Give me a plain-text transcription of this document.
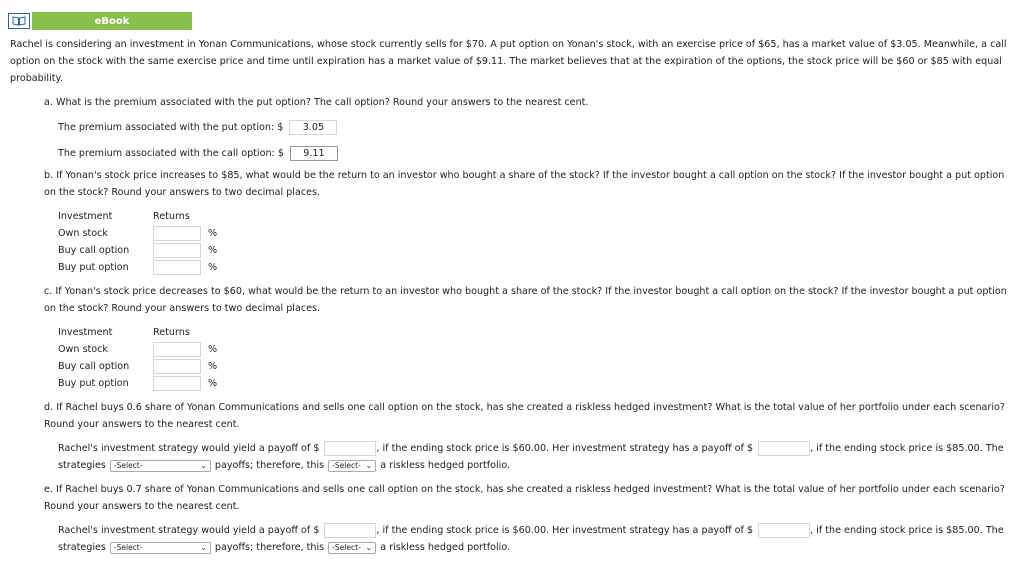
eBook
Rachel is considering an investment in Yonan Communications, whose stock currently sells for $70. A put option on Yonan's stock, with an exercise price of $65, has a market value of $3.05. Meanwhile, a call option on the stock with the same exercise price and time until expiration has a market value of $9.11. The market believes that at the expiration of the options, the stock price will be $60 or $85 with equal probability.
a. What is the premium associated with the put option? The call option? Round your answers to the nearest cent.
The premium associated with the put option: $	3.05
The premium associated with the call option: $	9.11
b. If Yonan's stock price increases to $85, what would be the return to an investor who bought a share of the stock? If the investor bought a call option on the stock? If the investor bought a put option on the stock? Round your answers to two decimal places.
Investment	Returns
Own stock	%
Buy call option	%
Buy put option	%
c. If Yonan's stock price decreases to $60, what would be the return to an investor who bought a share of the stock? If the investor bought a call option on the stock? If the investor bought a put option on the stock? Round your answers to two decimal places.
Investment	Returns
Own stock	%
Buy call option	%
Buy put option	%
d. If Rachel buys 0.6 share of Yonan Communications and sells one call option on the stock, has she created a riskless hedged investment? What is the total value of her portfolio under each scenario? Round your answers to the nearest cent.
Rachel's investment strategy would yield a payoff of $	, if the ending stock price is $60.00. Her investment strategy has a payoff of $	, if the ending stock price is $85.00. The
strategies -Select-	⌄ payoffs; therefore, this -Select- ⌄ a riskless hedged portfolio.
e. If Rachel buys 0.7 share of Yonan Communications and sells one call option on the stock, has she created a riskless hedged investment? What is the total value of her portfolio under each scenario? Round your answers to the nearest cent.
Rachel's investment strategy would yield a payoff of $	, if the ending stock price is $60.00. Her investment strategy has a payoff of $	, if the ending stock price is $85.00. The
strategies -Select-	⌄ payoffs; therefore, this -Select- ⌄ a riskless hedged portfolio.
